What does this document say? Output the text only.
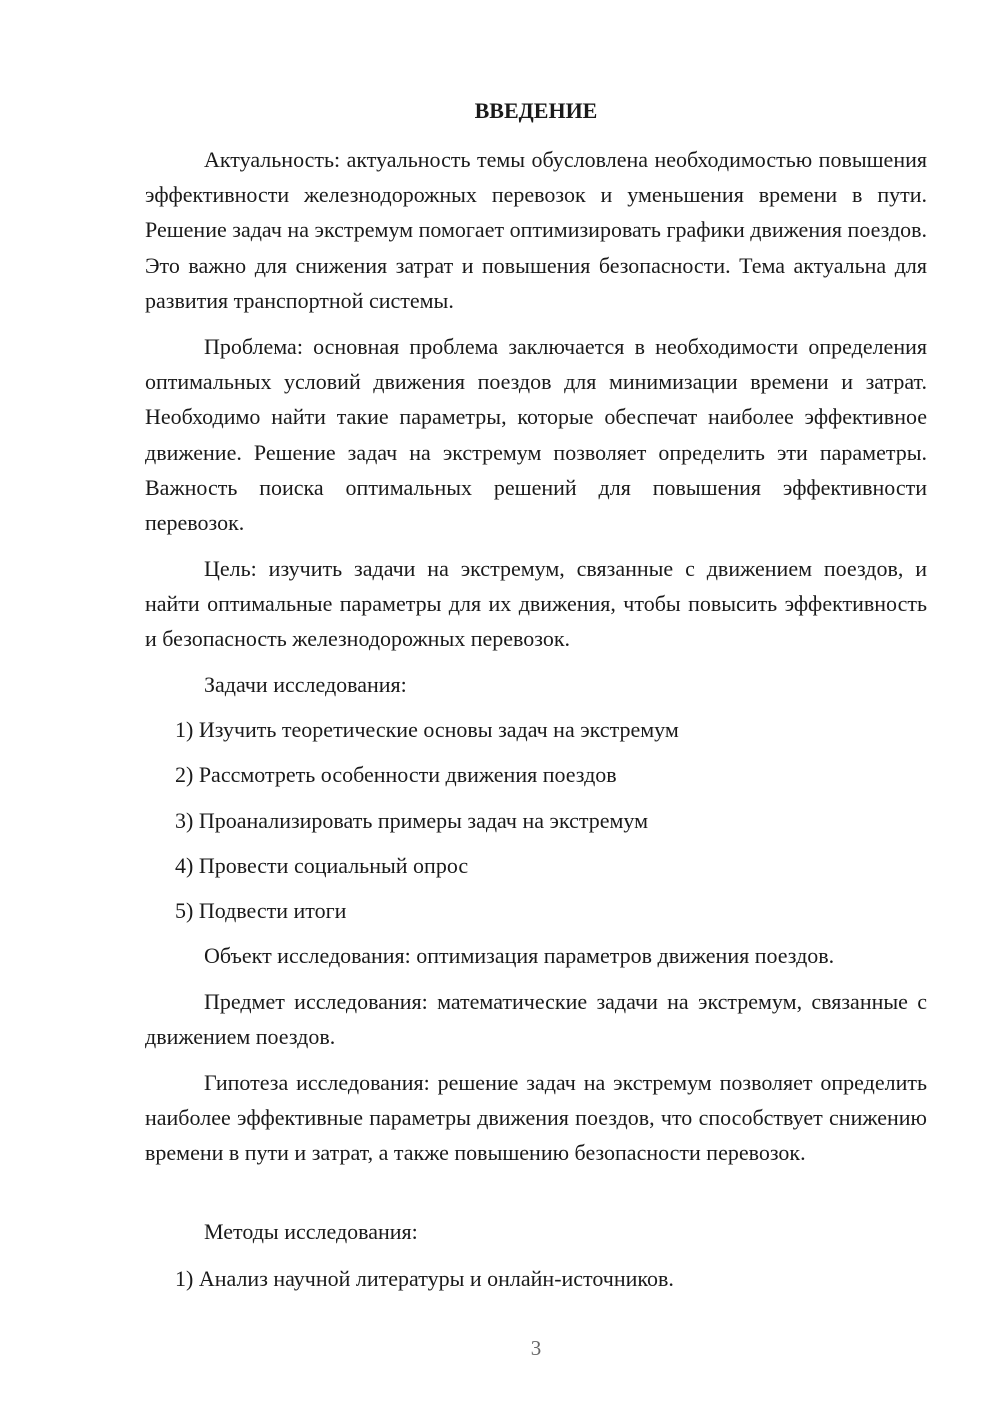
ВВЕДЕНИЕ

Актуальность: актуальность темы обусловлена необходимостью повышения эффективности железнодорожных перевозок и уменьшения времени в пути. Решение задач на экстремум помогает оптимизировать графики движения поездов. Это важно для снижения затрат и повышения безопасности. Тема актуальна для развития транспортной системы.

Проблема: основная проблема заключается в необходимости определения оптимальных условий движения поездов для минимизации времени и затрат. Необходимо найти такие параметры, которые обеспечат наиболее эффективное движение. Решение задач на экстремум позволяет определить эти параметры. Важность поиска оптимальных решений для повышения эффективности перевозок.

Цель: изучить задачи на экстремум, связанные с движением поездов, и найти оптимальные параметры для их движения, чтобы повысить эффективность и безопасность железнодорожных перевозок.

Задачи исследования:
1) Изучить теоретические основы задач на экстремум
2) Рассмотреть особенности движения поездов
3) Проанализировать примеры задач на экстремум
4) Провести социальный опрос
5) Подвести итоги
Объект исследования: оптимизация параметров движения поездов.

Предмет исследования: математические задачи на экстремум, связанные с движением поездов.

Гипотеза исследования: решение задач на экстремум позволяет определить наиболее эффективные параметры движения поездов, что способствует снижению времени в пути и затрат, а также повышению безопасности перевозок.

Методы исследования:
1) Анализ научной литературы и онлайн-источников.
3
